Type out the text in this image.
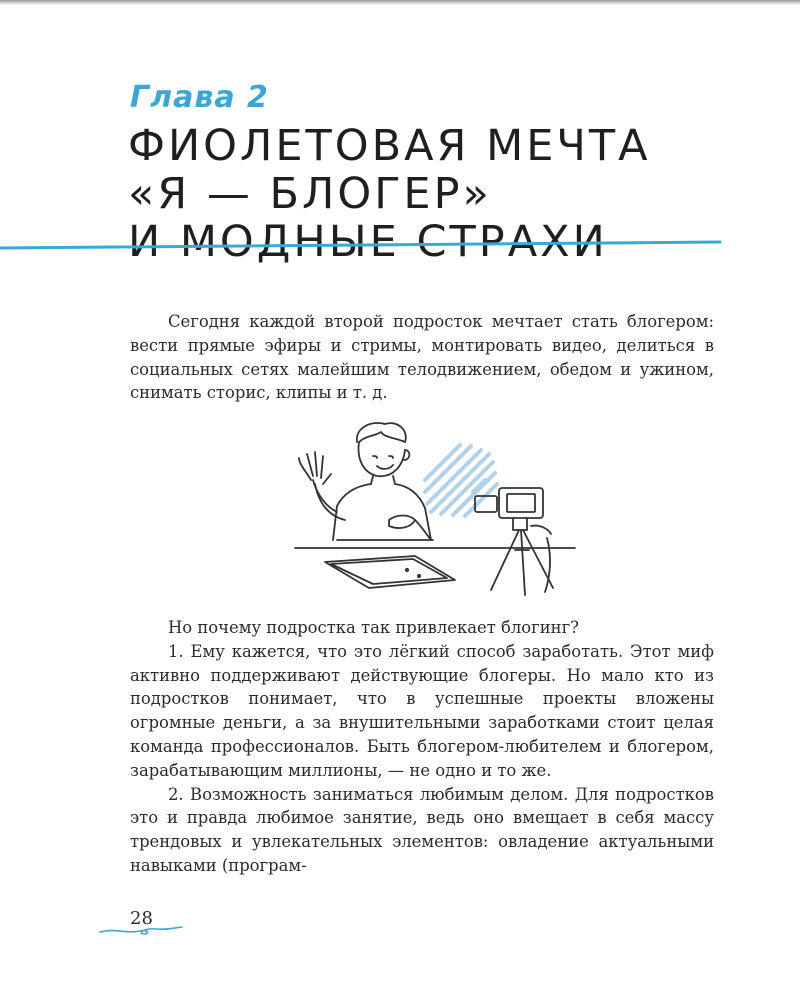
Глава 2
ФИОЛЕТОВАЯ МЕЧТА
«Я — БЛОГЕР»
И МОДНЫЕ СТРАХИ

Сегодня каждой второй подросток мечтает стать блогером: вести прямые эфиры и стримы, монтировать видео, делиться в социальных сетях малейшим телодвижением, обедом и ужином, снимать сторис, клипы и т. д.

Но почему подростка так привлекает блогинг?

1. Ему кажется, что это лёгкий способ заработать. Этот миф активно поддерживают действующие блогеры. Но мало кто из подростков понимает, что в успешные проекты вложены огромные деньги, а за внушительными заработками стоит целая команда профессионалов. Быть блогером-любителем и блогером, зарабатывающим миллионы, — не одно и то же.

2. Возможность заниматься любимым делом. Для подростков это и правда любимое занятие, ведь оно вмещает в себя массу трендовых и увлекательных элементов: овладение актуальными навыками (програм-

28
